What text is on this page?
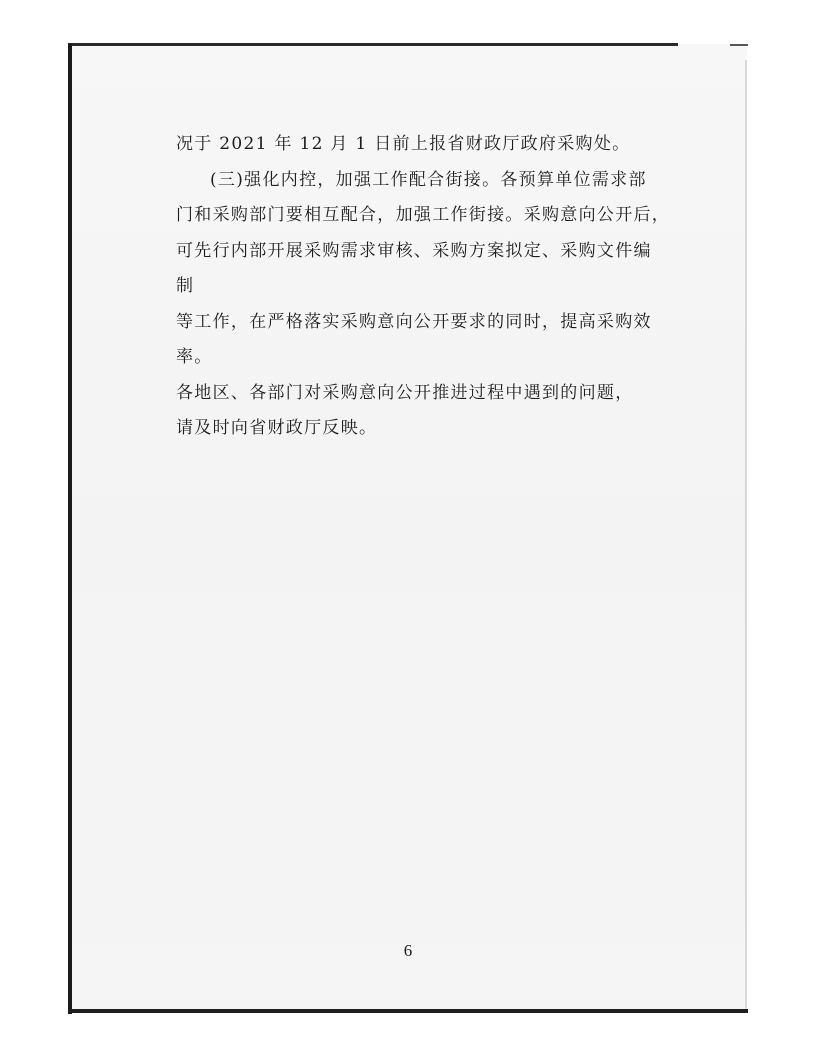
况于 2021 年 12 月 1 日前上报省财政厅政府采购处。
(三)强化内控，加强工作配合街接。各预算单位需求部
门和采购部门要相互配合，加强工作街接。采购意向公开后，
可先行内部开展采购需求审核、采购方案拟定、采购文件编
制
等工作，在严格落实采购意向公开要求的同时，提高采购效
率。
各地区、各部门对采购意向公开推进过程中遇到的问题，
请及时向省财政厅反映。
6
